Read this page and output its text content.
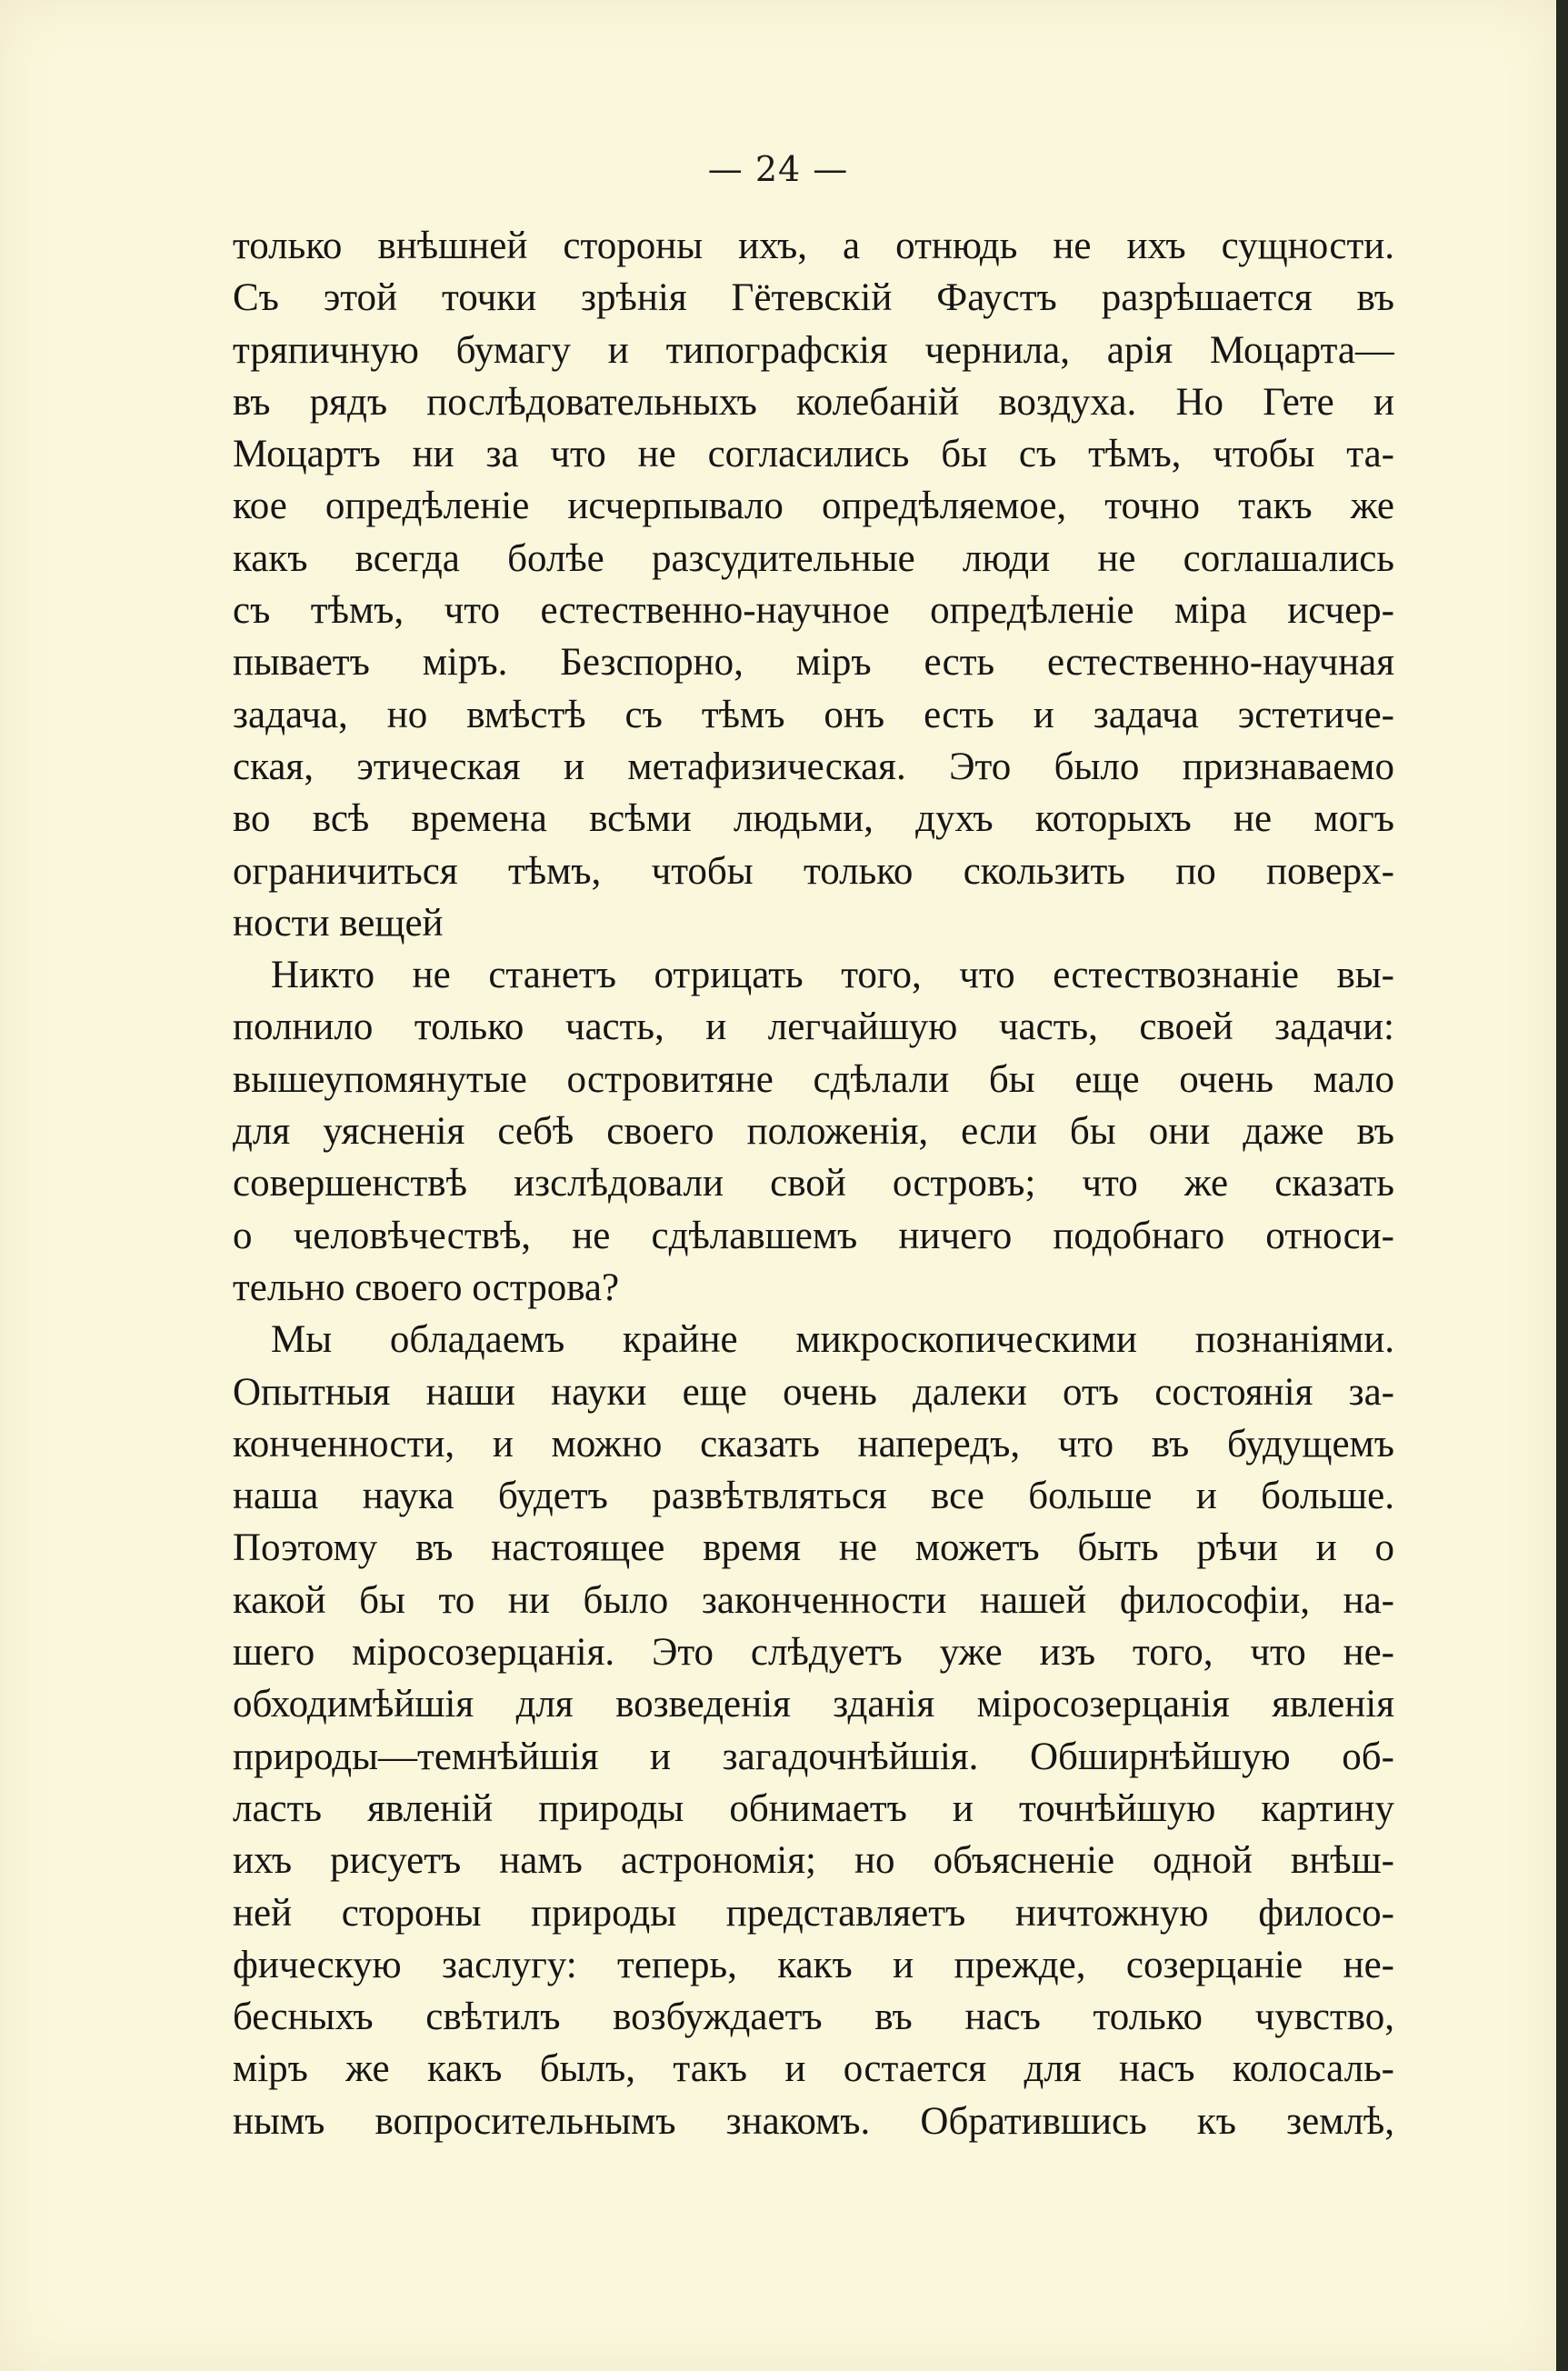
— 24 —
только внѣшней стороны ихъ, а отнюдь не ихъ сущности.
Съ этой точки зрѣнія Гётевскій Фаустъ разрѣшается въ
тряпичную бумагу и типографскія чернила, арія Моцарта—
въ рядъ послѣдовательныхъ колебаній воздуха. Но Гете и
Моцартъ ни за что не согласились бы съ тѣмъ, чтобы та-
кое опредѣленіе исчерпывало опредѣляемое, точно такъ же
какъ всегда болѣе разсудительные люди не соглашались
съ тѣмъ, что естественно-научное опредѣленіе міра исчер-
пываетъ міръ. Безспорно, міръ есть естественно-научная
задача, но вмѣстѣ съ тѣмъ онъ есть и задача эстетиче-
ская, этическая и метафизическая. Это было признаваемо
во всѣ времена всѣми людьми, духъ которыхъ не могъ
ограничиться тѣмъ, чтобы только скользить по поверх-
ности вещей
Никто не станетъ отрицать того, что естествознаніе вы-
полнило только часть, и легчайшую часть, своей задачи:
вышеупомянутые островитяне сдѣлали бы еще очень мало
для уясненія себѣ своего положенія, если бы они даже въ
совершенствѣ изслѣдовали свой островъ; что же сказать
о человѣчествѣ, не сдѣлавшемъ ничего подобнаго относи-
тельно своего острова?
Мы обладаемъ крайне микроскопическими познаніями.
Опытныя наши науки еще очень далеки отъ состоянія за-
конченности, и можно сказать напередъ, что въ будущемъ
наша наука будетъ развѣтвляться все больше и больше.
Поэтому въ настоящее время не можетъ быть рѣчи и о
какой бы то ни было законченности нашей философіи, на-
шего міросозерцанія. Это слѣдуетъ уже изъ того, что не-
обходимѣйшія для возведенія зданія міросозерцанія явленія
природы—темнѣйшія и загадочнѣйшія. Обширнѣйшую об-
ласть явленій природы обнимаетъ и точнѣйшую картину
ихъ рисуетъ намъ астрономія; но объясненіе одной внѣш-
ней стороны природы представляетъ ничтожную филосо-
фическую заслугу: теперь, какъ и прежде, созерцаніе не-
бесныхъ свѣтилъ возбуждаетъ въ насъ только чувство,
міръ же какъ былъ, такъ и остается для насъ колосаль-
нымъ вопросительнымъ знакомъ. Обратившись къ землѣ,
